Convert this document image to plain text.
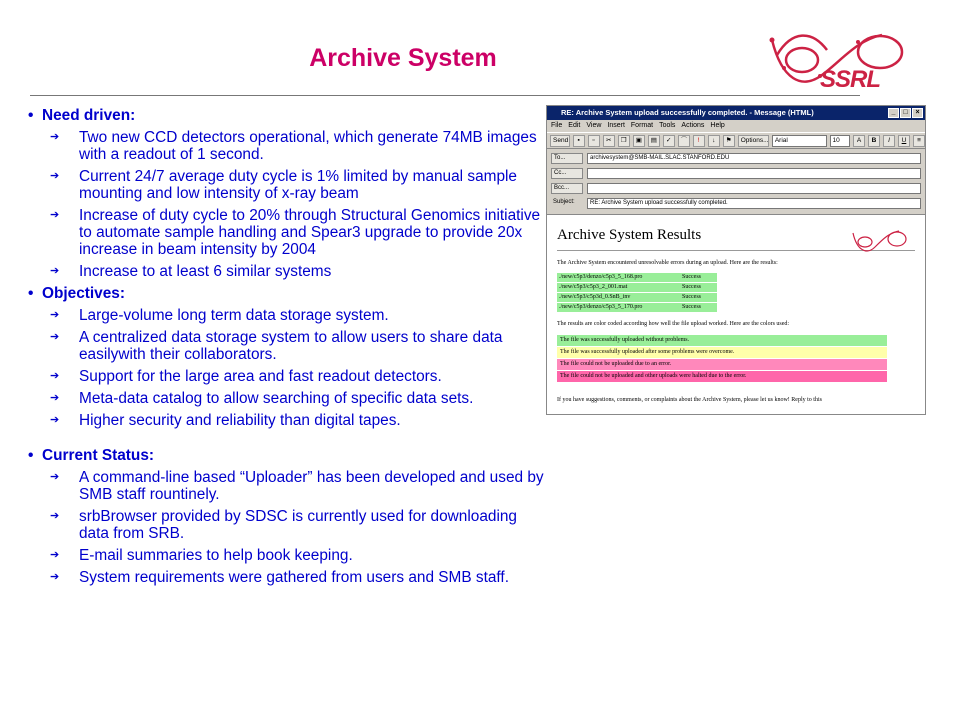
Archive System
SSRL
• Need driven:
➔	Two new CCD detectors operational, which generate 74MB images with a readout of 1 second.
➔	Current 24/7 average duty cycle is 1% limited by manual sample mounting and low intensity of x-ray beam
➔	Increase of duty cycle to 20% through Structural Genomics initiative to automate sample handling and Spear3 upgrade to provide 20x increase in beam intensity by 2004
➔	Increase to at least 6 similar systems
• Objectives:
➔	Large-volume long term data storage system.
➔	A centralized data storage system to allow users to share data easilywith their collaborators.
➔	Support for the large area and fast readout detectors.
➔	Meta-data catalog to allow searching of specific data sets.
➔	Higher security and reliability than digital tapes.
• Current Status:
➔	A command-line based “Uploader” has been developed and used by SMB staff rountinely.
➔	srbBrowser provided by SDSC is currently used for downloading data from SRB.
➔	E-mail summaries to help book keeping.
➔	System requirements were gathered from users and SMB staff.
RE: Archive System upload successfully completed. - Message (HTML)	_	□	×
File Edit View Insert Format Tools Actions Help
Send	▪	▫	✂	❐	▣	▤	✓	⌒	!	↓	⚑	Options... Arial	10	A	B	I	U	≡
To...	archivesystem@SMB-MAIL.SLAC.STANFORD.EDU
Cc...
Bcc...
Subject:	RE: Archive System upload successfully completed.
Archive System Results
The Archive System encountered unresolvable errors during an upload. Here are the results:
./new/c5p3/denzo/c5p3_5_168.pro	Success
./new/c5p3/c5p3_2_001.mat	Success
./new/c5p3/c5p3d_0.SnB_inv	Success
./new/c5p3/denzo/c5p3_5_170.pro	Success
The results are color coded according how well the file upload worked. Here are the colors used:
The file was successfully uploaded without problems.
The file was successfully uploaded after some problems were overcome.
The file could not be uploaded due to an error.
The file could not be uploaded and other uploads were halted due to the error.
If you have suggestions, comments, or complaints about the Archive System, please let us know! Reply to this
